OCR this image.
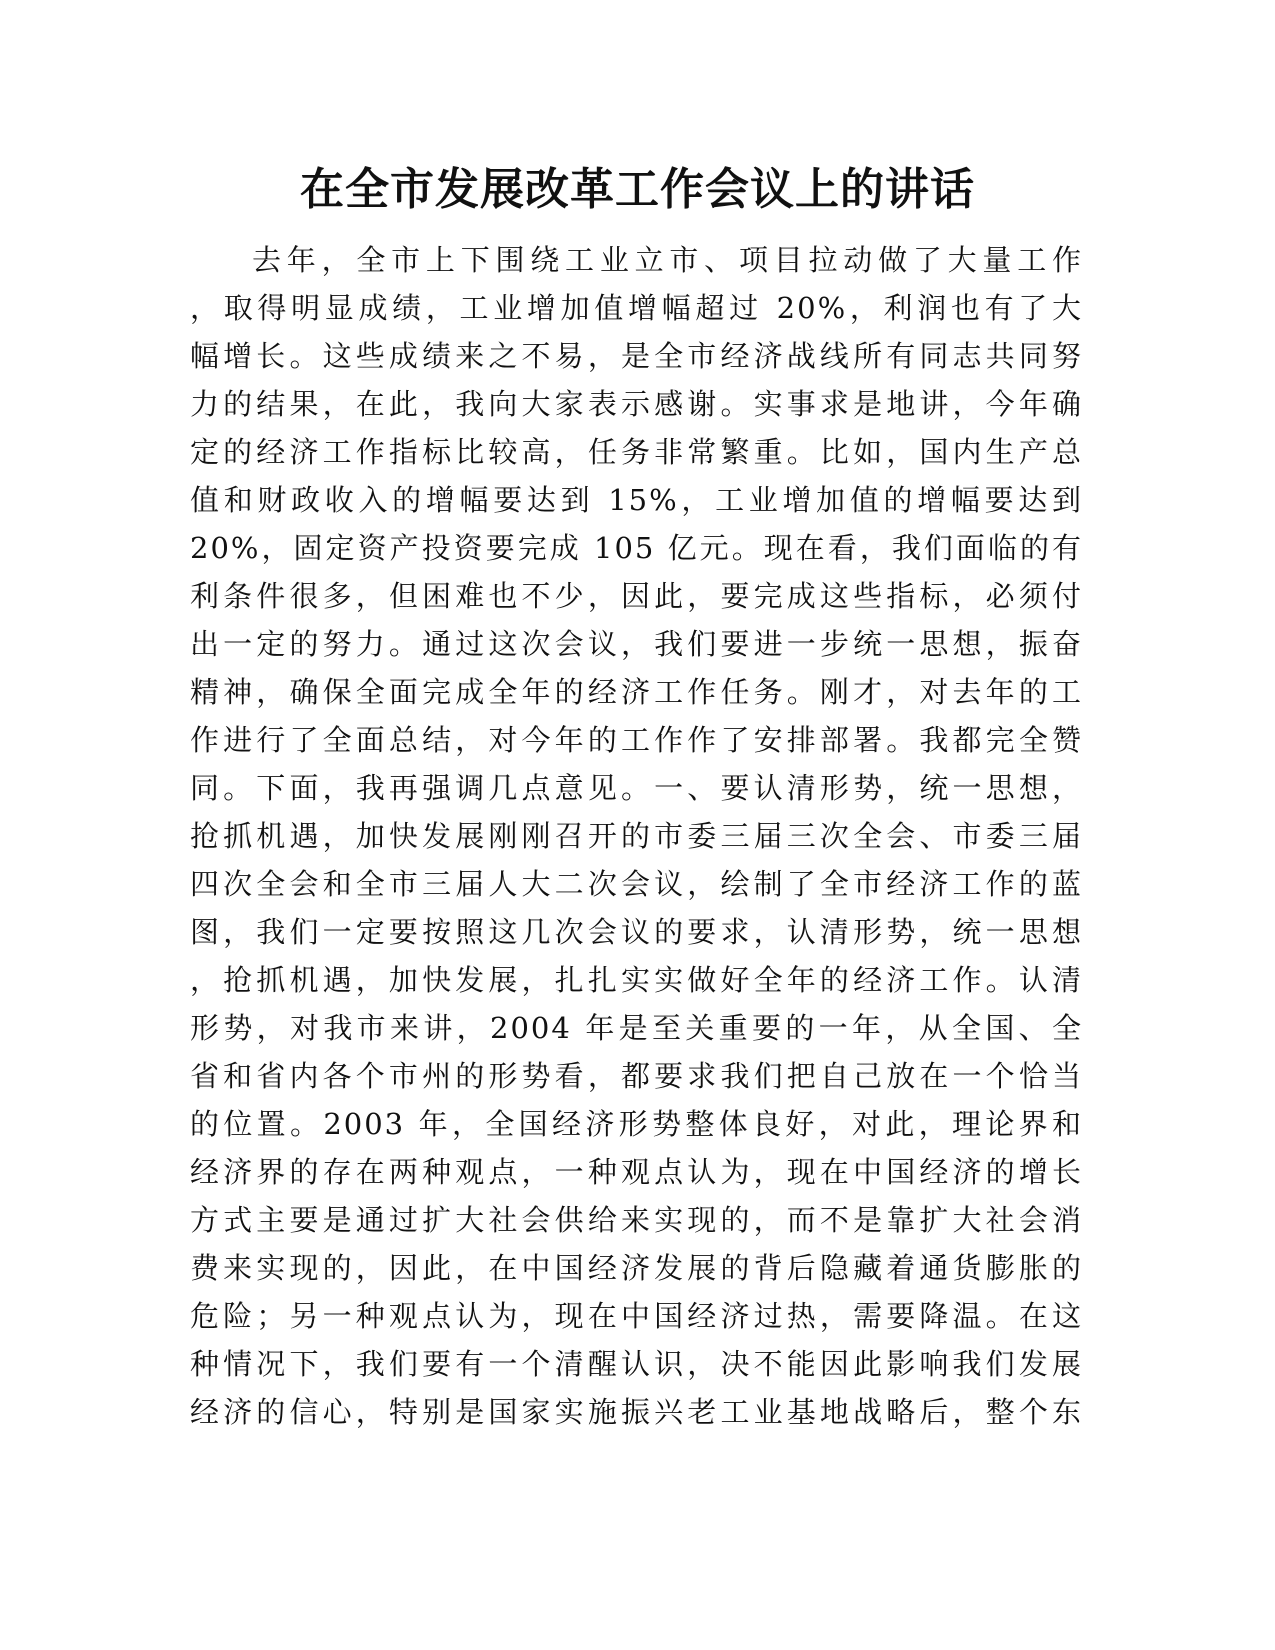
在全市发展改革工作会议上的讲话
去年，全市上下围绕工业立市、项目拉动做了大量工作
，取得明显成绩，工业增加值增幅超过 20%，利润也有了大
幅增长。这些成绩来之不易，是全市经济战线所有同志共同努
力的结果，在此，我向大家表示感谢。实事求是地讲，今年确
定的经济工作指标比较高，任务非常繁重。比如，国内生产总
值和财政收入的增幅要达到 15%，工业增加值的增幅要达到
20%，固定资产投资要完成 105 亿元。现在看，我们面临的有
利条件很多，但困难也不少，因此，要完成这些指标，必须付
出一定的努力。通过这次会议，我们要进一步统一思想，振奋
精神，确保全面完成全年的经济工作任务。刚才，对去年的工
作进行了全面总结，对今年的工作作了安排部署。我都完全赞
同。下面，我再强调几点意见。一、要认清形势，统一思想，
抢抓机遇，加快发展刚刚召开的市委三届三次全会、市委三届
四次全会和全市三届人大二次会议，绘制了全市经济工作的蓝
图，我们一定要按照这几次会议的要求，认清形势，统一思想
，抢抓机遇，加快发展，扎扎实实做好全年的经济工作。认清
形势，对我市来讲，2004 年是至关重要的一年，从全国、全
省和省内各个市州的形势看，都要求我们把自己放在一个恰当
的位置。2003 年，全国经济形势整体良好，对此，理论界和
经济界的存在两种观点，一种观点认为，现在中国经济的增长
方式主要是通过扩大社会供给来实现的，而不是靠扩大社会消
费来实现的，因此，在中国经济发展的背后隐藏着通货膨胀的
危险；另一种观点认为，现在中国经济过热，需要降温。在这
种情况下，我们要有一个清醒认识，决不能因此影响我们发展
经济的信心，特别是国家实施振兴老工业基地战略后，整个东
